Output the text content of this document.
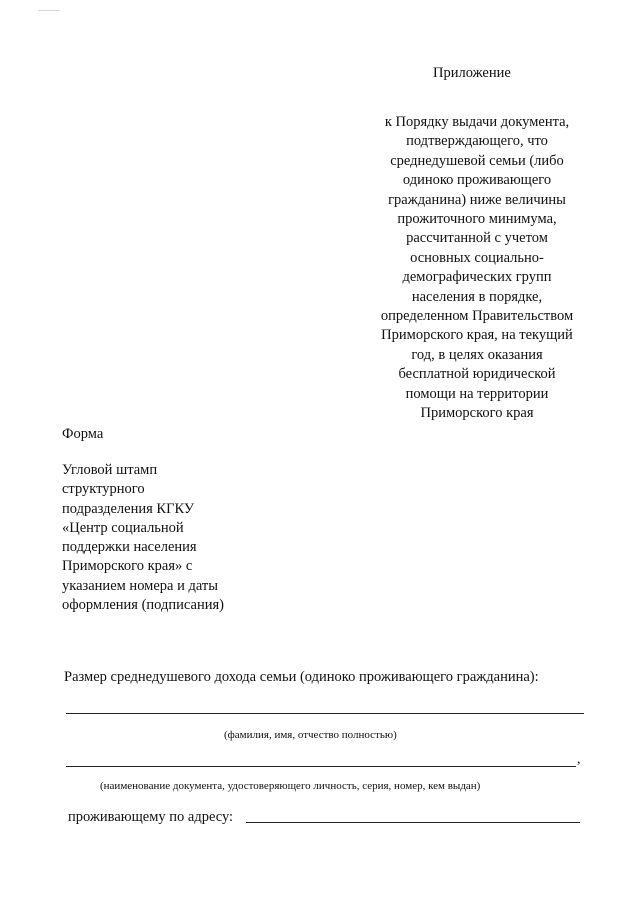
Приложение
к Порядку выдачи документа,
подтверждающего, что
среднедушевой семьи (либо
одиноко проживающего
гражданина) ниже величины
прожиточного минимума,
рассчитанной с учетом
основных социально-
демографических групп
населения в порядке,
определенном Правительством
Приморского края, на текущий
год, в целях оказания
бесплатной юридической
помощи на территории
Приморского края
Форма
Угловой штамп
структурного
подразделения КГКУ
«Центр социальной
поддержки населения
Приморского края» с
указанием номера и даты
оформления (подписания)
Размер среднедушевого дохода семьи (одиноко проживающего гражданина):
(фамилия, имя, отчество полностью)
,
(наименование документа, удостоверяющего личность, серия, номер, кем выдан)
проживающему по адресу:
